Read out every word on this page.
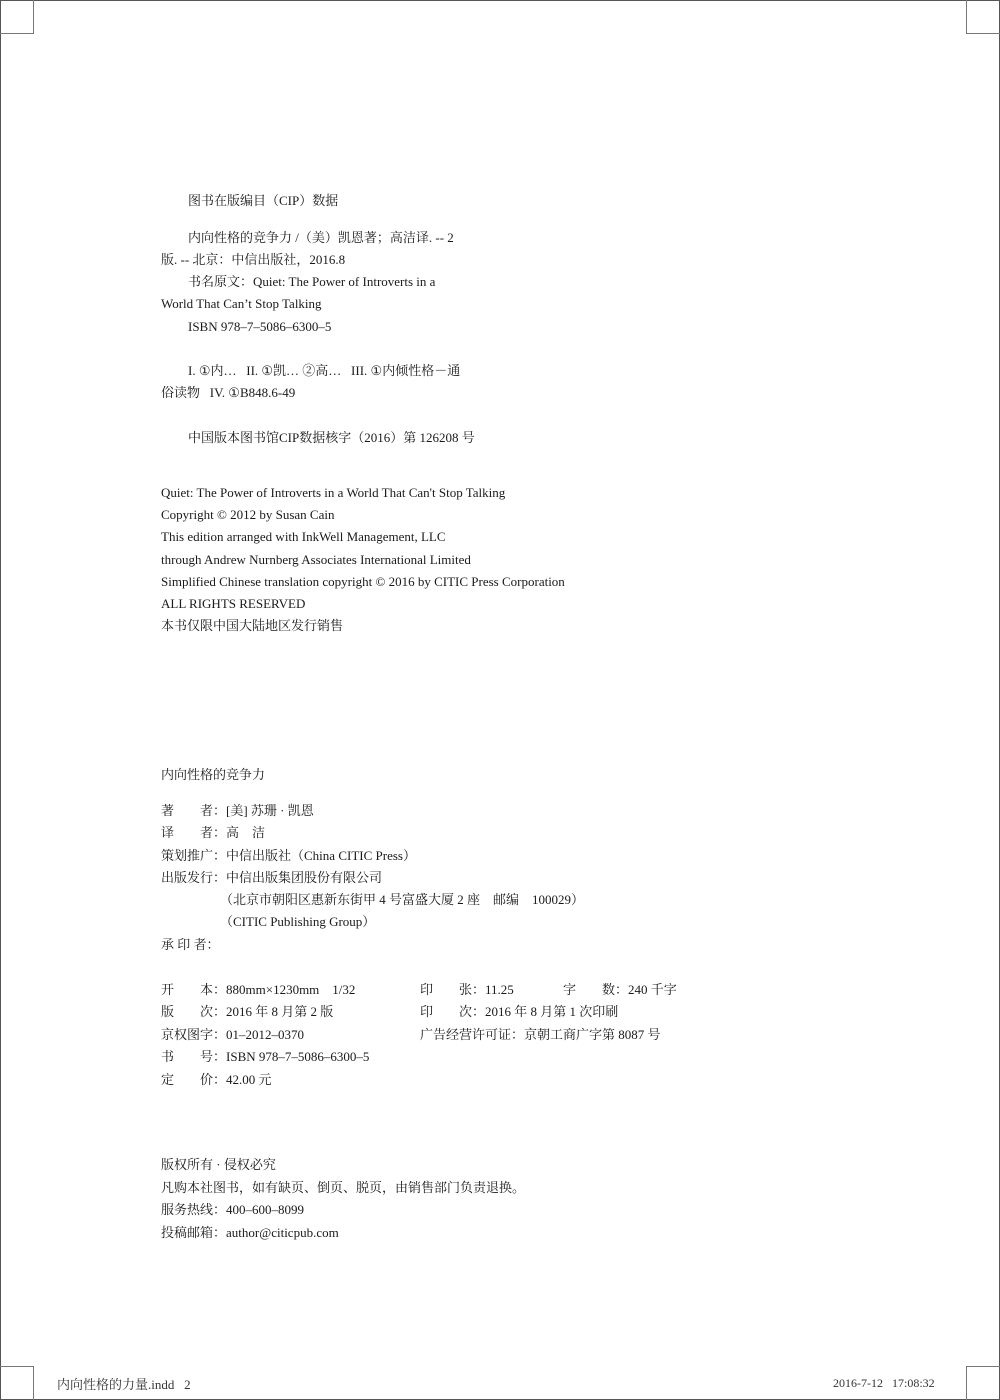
图书在版编目（CIP）数据
内向性格的竞争力 /（美）凯恩著；高洁译. -- 2
版. -- 北京：中信出版社，2016.8
书名原文：Quiet: The Power of Introverts in a
World That Can’t Stop Talking
ISBN 978–7–5086–6300–5
I. ①内…   II. ①凯… ②高…   III. ①内倾性格－通
俗读物   IV. ①B848.6-49
中国版本图书馆CIP数据核字（2016）第 126208 号
Quiet: The Power of Introverts in a World That Can't Stop Talking
Copyright © 2012 by Susan Cain
This edition arranged with InkWell Management, LLC
through Andrew Nurnberg Associates International Limited
Simplified Chinese translation copyright © 2016 by CITIC Press Corporation
ALL RIGHTS RESERVED
本书仅限中国大陆地区发行销售
内向性格的竞争力
著　　者：[美] 苏珊 · 凯恩
译　　者：高　洁
策划推广：中信出版社（China CITIC Press）
出版发行：中信出版集团股份有限公司
（北京市朝阳区惠新东街甲 4 号富盛大厦 2 座　邮编　100029）
（CITIC Publishing Group）
承 印 者：
开　　本：880mm×1230mm　1/32	印　　张：11.25	字　　数：240 千字
版　　次：2016 年 8 月第 2 版	印　　次：2016 年 8 月第 1 次印刷
京权图字：01–2012–0370	广告经营许可证：京朝工商广字第 8087 号
书　　号：ISBN 978–7–5086–6300–5
定　　价：42.00 元
版权所有 · 侵权必究
凡购本社图书，如有缺页、倒页、脱页，由销售部门负责退换。
服务热线：400–600–8099
投稿邮箱：author@citicpub.com
内向性格的力量.indd   2	2016-7-12   17:08:32
